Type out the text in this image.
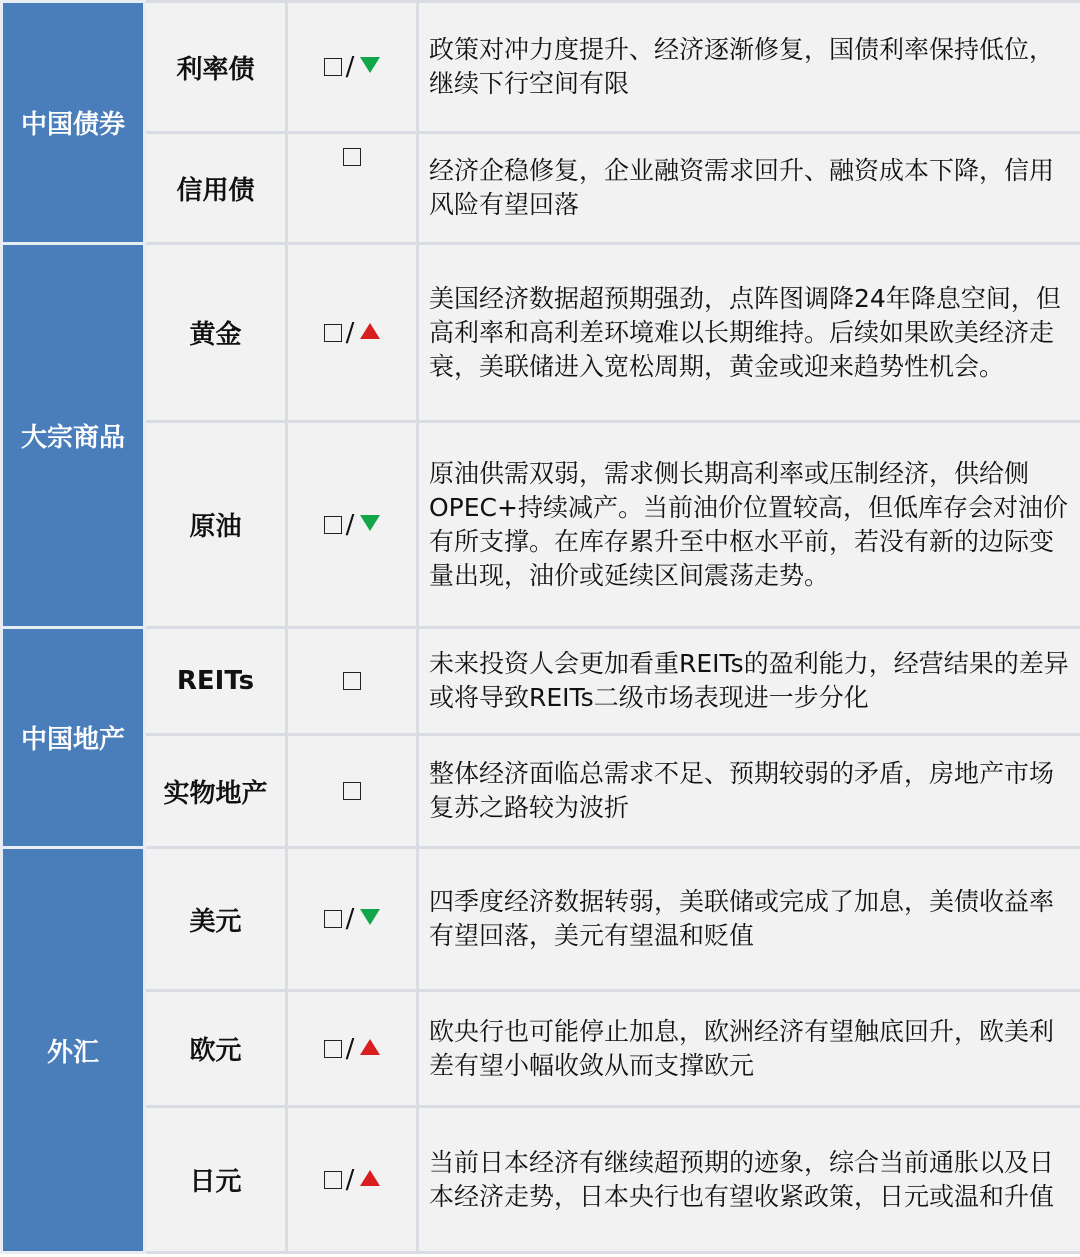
中国债券	利率债	/	政策对冲力度提升、经济逐渐修复，国债利率保持低位，继续下行空间有限
	信用债		经济企稳修复，企业融资需求回升、融资成本下降，信用风险有望回落
大宗商品	黄金	/	美国经济数据超预期强劲，点阵图调降24年降息空间，但高利率和高利差环境难以长期维持。后续如果欧美经济走衰，美联储进入宽松周期，黄金或迎来趋势性机会。
	原油	/	原油供需双弱，需求侧长期高利率或压制经济，供给侧OPEC+持续减产。当前油价位置较高，但低库存会对油价有所支撑。在库存累升至中枢水平前，若没有新的边际变量出现，油价或延续区间震荡走势。
中国地产	REITs		未来投资人会更加看重REITs的盈利能力，经营结果的差异或将导致REITs二级市场表现进一步分化
	实物地产		整体经济面临总需求不足、预期较弱的矛盾，房地产市场复苏之路较为波折
外汇	美元	/	四季度经济数据转弱，美联储或完成了加息，美债收益率有望回落，美元有望温和贬值
	欧元	/	欧央行也可能停止加息，欧洲经济有望触底回升，欧美利差有望小幅收敛从而支撑欧元
	日元	/	当前日本经济有继续超预期的迹象，综合当前通胀以及日本经济走势，日本央行也有望收紧政策，日元或温和升值
